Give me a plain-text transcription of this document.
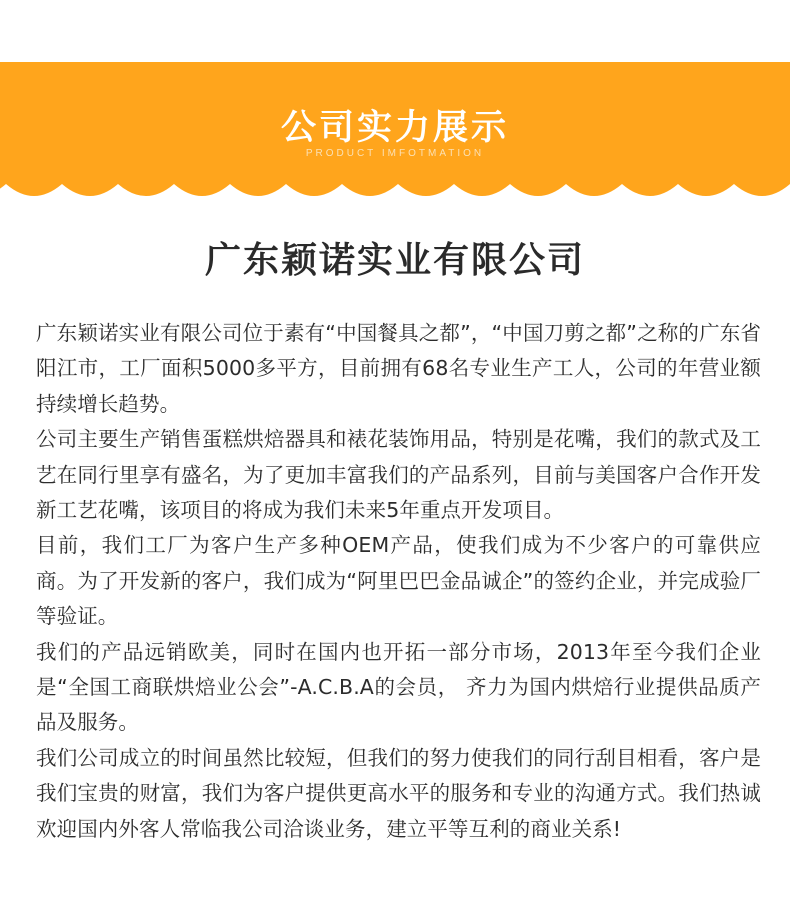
公司实力展示
PRODUCT IMFOTMATION
广东颖诺实业有限公司

广东颖诺实业有限公司位于素有“中国餐具之都”，“中国刀剪之都”之称的广东省阳江市，工厂面积5000多平方，目前拥有68名专业生产工人，公司的年营业额持续增长趋势。

公司主要生产销售蛋糕烘焙器具和裱花装饰用品，特别是花嘴，我们的款式及工艺在同行里享有盛名，为了更加丰富我们的产品系列，目前与美国客户合作开发新工艺花嘴，该项目的将成为我们未来5年重点开发项目。

目前，我们工厂为客户生产多种OEM产品，使我们成为不少客户的可靠供应商。为了开发新的客户，我们成为“阿里巴巴金品诚企”的签约企业，并完成验厂等验证。

我们的产品远销欧美，同时在国内也开拓一部分市场，2013年至今我们企业是“全国工商联烘焙业公会”-A.C.B.A的会员， 齐力为国内烘焙行业提供品质产品及服务。

我们公司成立的时间虽然比较短，但我们的努力使我们的同行刮目相看，客户是我们宝贵的财富，我们为客户提供更高水平的服务和专业的沟通方式。我们热诚欢迎国内外客人常临我公司洽谈业务，建立平等互利的商业关系!
